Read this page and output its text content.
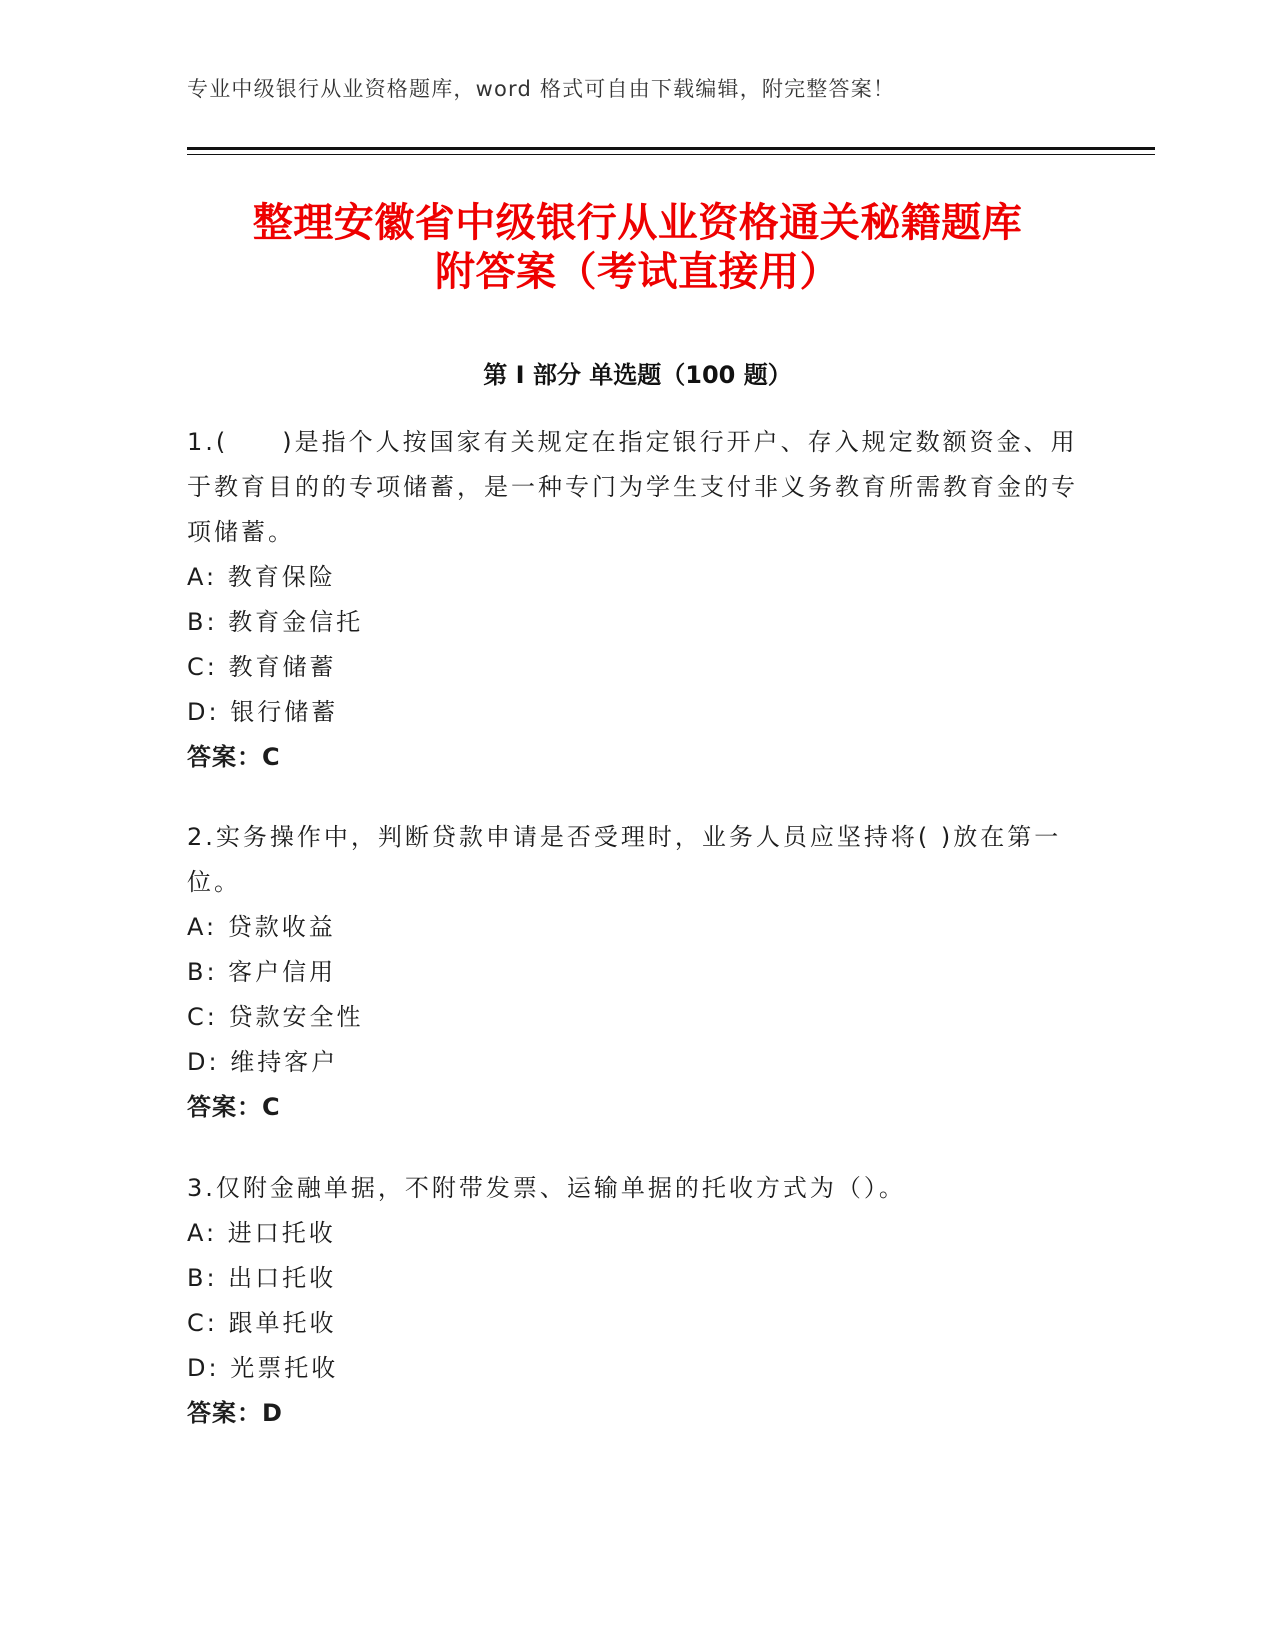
专业中级银行从业资格题库，word 格式可自由下载编辑，附完整答案！
整理安徽省中级银行从业资格通关秘籍题库
附答案（考试直接用）
第 I 部分 单选题（100 题）

1.(　　)是指个人按国家有关规定在指定银行开户、存入规定数额资金、用于教育目的的专项储蓄，是一种专门为学生支付非义务教育所需教育金的专项储蓄。

A: 教育保险

B: 教育金信托

C: 教育储蓄

D: 银行储蓄

答案：C

2.实务操作中，判断贷款申请是否受理时，业务人员应坚持将( )放在第一位。

A: 贷款收益

B: 客户信用

C: 贷款安全性

D: 维持客户

答案：C

3.仅附金融单据，不附带发票、运输单据的托收方式为（）。

A: 进口托收

B: 出口托收

C: 跟单托收

D: 光票托收

答案：D
